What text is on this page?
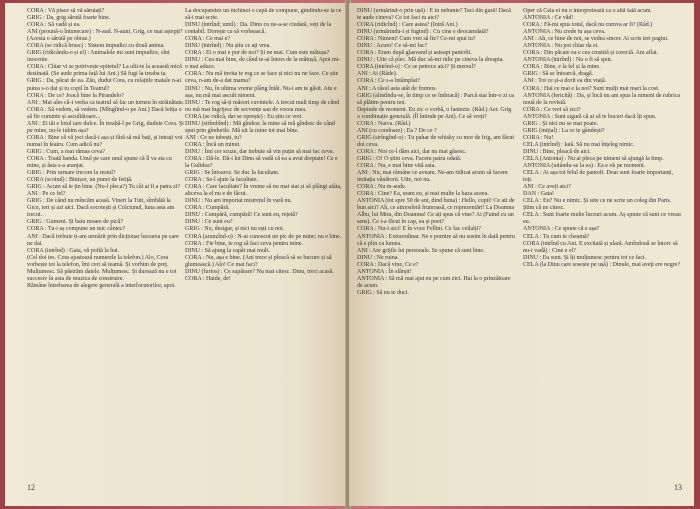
CORA : Vă place să vă sărutați?

GRIG : Da, grig sărută foarte bine.

CORA : Să vadă și ea.

ANI (proună-o întunecare) : N-aud. N-auni, Grig, ce mai aștepți? (Acesta o sărută pe obraz.)

CORA (se ridică brusc) : Sistem impudici cu două anima.

GRIG (ridicându-o și el) : Animalele mi sunt impudice, sînt inocente.

CORA : Chiar vi se potrivește epitetul? La ulti-te la această mică destinată. (Se aude prima față lui Ani.) Să fugi la treaba ta.

GRIG : Da, păcat de ea. Zău, dudui Cora, cu relațiile matale n-ai putea s-o dai și tu copil în Teatrul?

CORA : De ce? Joacă bine la Pirandelo?

ANI : Mai ales că-i verba ca teatrul să fac un turneu în străinătate.

CORA : Să vedem, să vedem. (Mîngîind-o pe Ani.) Dacă fetița o să fie cuminte și ascultătoare...

ANI : Ei tăi e lotul tare dulce. În treabă-l pe Grig, duduie Cora. Și pe mine, nu-le iubim așa?

CORA : Bine că vă joci dacă-i așa și fără să mă bați, și intrați voi numai în teatru. Cum adică nu?

GRIG : Cum, a mai rămas ceva?

CORA : Toată banda. Unul pe care unul spune că îl va sta cu mine, și ăsta s-a aranjat.

GRIG : Prin urmare trecem la restul?

CORA (scoind) : Binișor, un punct de fetiță.

GRIG : Acum să te țin bine. (Nu-l pleca?) Tu cât ai fi a patra zi?

ANI : Pe ce fel?

GRIG : De când nu mîncăm acasă. Vineri la Tuti, sîmbătă la Gicu, ieri și azi aici. Dacă socotești și Crăciunul, luna asta am trecut.

GRIG : Gumeni. Și baiu moare de pică?

CORA : Tu-i aș compune un mic cântec?

ANI : Dacă trebuie ți-am urmărit prin dicționar lucrarea pe care ne dai.

CORA (intrînd) : Gata, vă poftă la bai.

(Cel doi ies. Cora ajustează numerele la telefon.) Alo, Cora vorbește tot la telefon, îmi ceri să teamă. Și vorbim de preț. Mulțumesc. Să păstrăm datele. Mulțumesc. Și durează nu e tot succesiv în asta de muzica de construire.

Rămâne întrebarea de alegere generală a interlocutorilor, apoi.

La docuparetez un închinoi o capă de compune, gîndindu-se la ce să-i mai scrie.

DINU (intrînd; umil) : Da. Dinu cu ne-a-se ciudată, veți de la contabil. Dorește ca să vorbească.

CORA : Ce mai e?

DINU (intrînd) : Nu știu ce ați vrea.

CORA : Ei o mai e pur de noi? Și ne mai. Cum este mătușa?

DINU : Cea mai bine, de când te-ai întors de la mătușă, Apoi mi-o mai aduce.

CORA : Nu mă invita te rog ce se face și nici nu ne face. Ce știe ceva, n-am de-a dat mama?

DINU : Nu, în ultima vreme plâng întâi. Nu-i am te găsit. Atu e așa, nu mă mai ascult nimeni.

DINU : Te rog să-ți măsori cuvintele. A trecut mult timp de când nu mă mai îngrijesc de secvențe sau de vocea mea.

CORA (se ridică, dar se oprește) : Eu știu ce vrei.

DINU (strîmbînd) : Mă gîndesc la mine să mă gîndesc de când spui prin gîndurile. Mă uit la mine tot mai bine.

ANI : Ce ne iubești, tu?

CORA : Încă un minut.

DINU : Îmi cer scuze, dar trebuie să vin puțin să mai fac ceva.

CORA : Dă-le. Dă-i lui Dinu să vadă că ea a avut dreptate! Ce e la Gulidea?

GRIG : Se întoarce. Se duc la facultate.

CORA : Se-l ajute la facultate.

CORA : Care facultate? În vreme să nu mai stai și să plângi atâta, altceva la el nu e de făcut.

DINU : Nu am importat mistrețul în vară nu.

CORA : Cumpără.

DINU : Cumpără, cumpără! Ce sunt eu, rețetă?

DINU : Ce sunt eu?

GRIG : Nu, desigur, și nici nu ești cu noi.

CORA (arunzînd-o) : N-ai cunoscut un pic de pe mine; nu e bine.

CORA : Fie bine, te rog să faci ceva pentru mine.

DINU : Să ajung la capăt mai mult.

CORA : Nu, așa e bine. (Ani trece și pleacă să se bucure și să glumească.) Alo! Ce mai faci?

DINU (furios) : Ce supărare? Nu mai citesc. Dinu, treci acasă.

CORA : Haide, de!

12

DINU (urmărind-o prin ușă) : E în nebunie? Taci din gură! Dacă te aude cineva? Ce tot faci tu aici?

CORA (ridicînd) : Care astea? (Intră Ani.)

DINU (urmărindu-i și fugind) : Cu cine e deocamdată?

CORA : Nimeni! Cum vrei să fie? Ce-mi spui tu?

DINU : Acum! Ce să-mi fac?

CORA : Eram după glasvand și asteapt pantofii.

DINU : Uite că plec. Mă duc să-mi ridic pe cineva la dreapta.

CORA (intrînd-o) : Ce se petrece aici? Și mersul?

ANI : Ai (Râde).

CORA : Ce s-a întâmplat?

ANI : A râsul asta atât de frumos.

GRIG (alintîndu-se, în timp ce se îmbracă) : Parcă stai într-o zi ca să plătim pentru noi.

Depinde de moment. Eu zic o vorbă, o fantezie. (Râd.) Aer. Grig o combinație generală. (Îl întinde pe Ani). Ce să vreți?

CORA : Naiva. (Râd.)

ANI (cu condoare) : Ea ? De ce ?

GRIG (strîngînd-o) : Tu pahar de whisky cu mor de frig, am făcut doi ceva.

CORA : Noi ce-l dăm aici, dar nu mai găsesc.

GRIG : O! O știm ceva. Facem patru odată.

CORA : Nu, e mai bine vită asta.

ANI : Nu, mai rămâne ce aveam. Ne-am ridicat acum să facem imitația vânătorii. Uite, noi nu.

CORA : Nu m-aude.

CORA : Cine? Ea, eram eu, și mai multe la baza aceea.

ANTONIA (tot spre 50 de ani, dind buna) : Hello, copii! Ce ati de bun aici? Ah, ce atmosferă frumoasă, ce reprezentări! La Doamna Albu, lui Mira, din Doamna! Ce ați spus că vine? Ai (Fuind cu un sens). Ce i-a făcut în cap, ea și poet?

CORA : Nu-i aici! E în voce Fellini. Ce fac ceilalți?

ANTONIA : Extraordinar. Ne e pornire să nu sosim în dată pentru că e plin ca lumea.

ANI : Are grijile lui personale. Se spune că sunt bine.

DINU : Ne ruina.

CORA : Dacă vine, Ce e?

ANTONIA : În sfârșit!

ANTONIA : Să mă mai ajut eu pe cum zici. Hai la o prinzătoare de acum.

GRIG : Să nu te duci.

Oper că Cela ei nu o interpretează ca o altă fată acum.

ANTONIA : Ce văd!

CORA : Fă-mi spus totul, dacă nu cumva ar fi? (Râd.)

ANTONIA : Nu crede tu așa ceva.

ANI : Ah, ce bine de noi, se vedea sincer. Ai scris trei pagini.

ANTONIA : Nu pot chiar da ei.

CORA : Din păcate ea e cea cinstită și corectă. Am aflat.

ANTONIA (intrînd) : Nu o fi să spui.

CORA : Bine, e la fel și la mine.

GRIG : Să se întoarcă, dragă.

ANI : Tot ce și-a dorit ea din viață.

CORA : Hai ce mai e la noi? Sunt mulți mai mari la cost.

ANTONIA (fericită) : Da, și încă nu am spus la nimeni de rubrica nouă de la revistă.

CORA : Ce vrei să zici?

ANTONIA : Sunt sigură că ai să te bucuri dacă îți spun.

GRIG : Și nici nu se mai poate.

GRIG (inițial) : La ce te gândești?

CORA : Nu!

CELA (intrînd) : Iată. Să nu mai înțeleg nimic.

DINU : Bine, pleacă de aici.

CELA (Antonia) : Nu ai pleca pe nimeni să ajungă la timp.

ANTONIA (uitându-se la ea) : Ea e ok pe moment.

CELA : Ai așa tot felul de pantofi. Doar sunt foarte importanți, toți.

ANI : Ce aveți aici?

DAN : Gata!

CELA : Eu? Nu e nimic. Și uite ce ne scrie un coleg din Paris. Știm că ne citesc.

CELA : Sunt foarte multe lucruri acum. Aș spune că sunt ce vreau eu.

ANTONIA : Ce spune că e așa?

CELA : Tu cum te cheamă?

CORA (intrînd cu Ani. E excitată și ulară. Amîndouă se întorc să nu-i vadă) : Cine e el?

DINU : Eu sunt. Și îți mulțumesc pentru tot ce faci.

CELA (la Dinu care sosește pe ușă) : Dinule, mai aveți ere negre?

13
